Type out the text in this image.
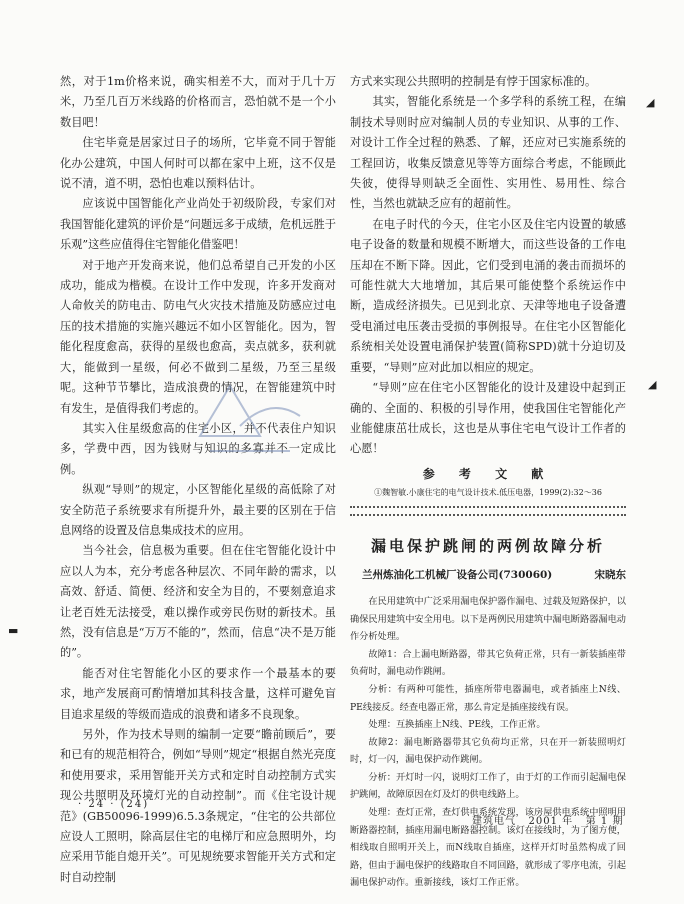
然，对于1m价格来说，确实相差不大，而对于几十万米，乃至几百万米线路的价格而言，恐怕就不是一个小数目吧！

住宅毕竟是居家过日子的场所，它毕竟不同于智能化办公建筑，中国人何时可以都在家中上班，这不仅是说不清，道不明，恐怕也难以预料估计。

应该说中国智能化产业尚处于初级阶段，专家们对我国智能化建筑的评价是“问题远多于成绩，危机远胜于乐观”这些应值得住宅智能化借鉴吧！

对于地产开发商来说，他们总希望自己开发的小区成功，能成为楷模。在设计工作中发现，许多开发商对人命攸关的防电击、防电气火灾技术措施及防感应过电压的技术措施的实施兴趣远不如小区智能化。因为，智能化程度愈高，获得的星级也愈高，卖点就多，获利就大，能做到一星级，何必不做到二星级，乃至三星级呢。这种节节攀比，造成浪费的情况，在智能建筑中时有发生，是值得我们考虑的。

其实入住星级愈高的住宅小区，并不代表住户知识多，学费中西，因为钱财与知识的多寡并不一定成比例。

纵观“导则”的规定，小区智能化星级的高低除了对安全防范子系统要求有所提升外，最主要的区别在于信息网络的设置及信息集成技术的应用。

当今社会，信息极为重要。但在住宅智能化设计中应以人为本，充分考虑各种层次、不同年龄的需求，以高效、舒适、简便、经济和安全为目的，不要刻意追求让老百姓无法接受，难以操作或旁民伤财的新技术。虽然，没有信息是“万万不能的”，然而，信息“决不是万能的”。

能否对住宅智能化小区的要求作一个最基本的要求，地产发展商可酌情增加其科技含量，这样可避免盲目追求星级的等级而造成的浪费和诸多不良现象。

另外，作为技术导则的编制一定要“瞻前顾后”，要和已有的规范相符合，例如“导则”规定“根据自然光亮度和使用要求，采用智能开关方式和定时自动控制方式实现公共照明及环境灯光的自动控制”。而《住宅设计规范》(GB50096-1999)6.5.3条规定，“住宅的公共部位应设人工照明，除高层住宅的电梯厅和应急照明外，均应采用节能自熄开关”。可见规统要求智能开关方式和定时自动控制

方式来实现公共照明的控制是有悖于国家标准的。

其实，智能化系统是一个多学科的系统工程，在编制技术导则时应对编制人员的专业知识、从事的工作、对设计工作全过程的熟悉、了解，还应对已实施系统的工程回访，收集反馈意见等等方面综合考虑，不能顾此失彼，使得导则缺乏全面性、实用性、易用性、综合性，当然也就缺乏应有的超前性。

在电子时代的今天，住宅小区及住宅内设置的敏感电子设备的数量和规模不断增大，而这些设备的工作电压却在不断下降。因此，它们受到电涌的袭击而损坏的可能性就大大地增加，其后果可能使整个系统运作中断，造成经济损失。已见到北京、天津等地电子设备遭受电涌过电压袭击受损的事例报导。在住宅小区智能化系统相关处设置电涌保护装置(简称SPD)就十分迫切及重要，“导则”应对此加以相应的规定。

“导则”应在住宅小区智能化的设计及建设中起到正确的、全面的、积极的引导作用，使我国住宅智能化产业能健康茁壮成长，这也是从事住宅电气设计工作者的心愿！

参 考 文 献
①魏智敏.小康住宅的电气设计技术.低压电器，1999(2):32～36
漏电保护跳闸的两例故障分析
兰州炼油化工机械厂设备公司(730060)	宋晓东

在民用建筑中广泛采用漏电保护器作漏电、过载及短路保护，以确保民用建筑中安全用电。以下是两例民用建筑中漏电断路器漏电动作分析处理。

故障1：合上漏电断路器，带其它负荷正常，只有一新装插座带负荷时，漏电动作跳闸。

分析：有两种可能性，插座所带电器漏电，或者插座上N线、PE线接反。经查电器正常，那么肯定是插座接线有误。

处理：互换插座上N线、PE线，工作正常。

故障2：漏电断路器带其它负荷均正常，只在开一新装照明灯时，灯一闪，漏电保护动作跳闸。

分析：开灯时一闪，说明灯工作了，由于灯的工作而引起漏电保护跳闸，故障原因在灯及灯的供电线路上。

处理：查灯正常，查灯供电系统发现，该房屋供电系统中照明用断路器控制，插座用漏电断路器控制。该灯在接线时，为了图方便，相线取自照明开关上，而N线取自插座，这样开灯时虽然构成了回路，但由于漏电保护的线路取自不同回路，就形成了零序电流，引起漏电保护动作。重新接线，该灯工作正常。

· 24 · (24)
建筑电气 2001 年 第 1 期
▬
◢
◢
